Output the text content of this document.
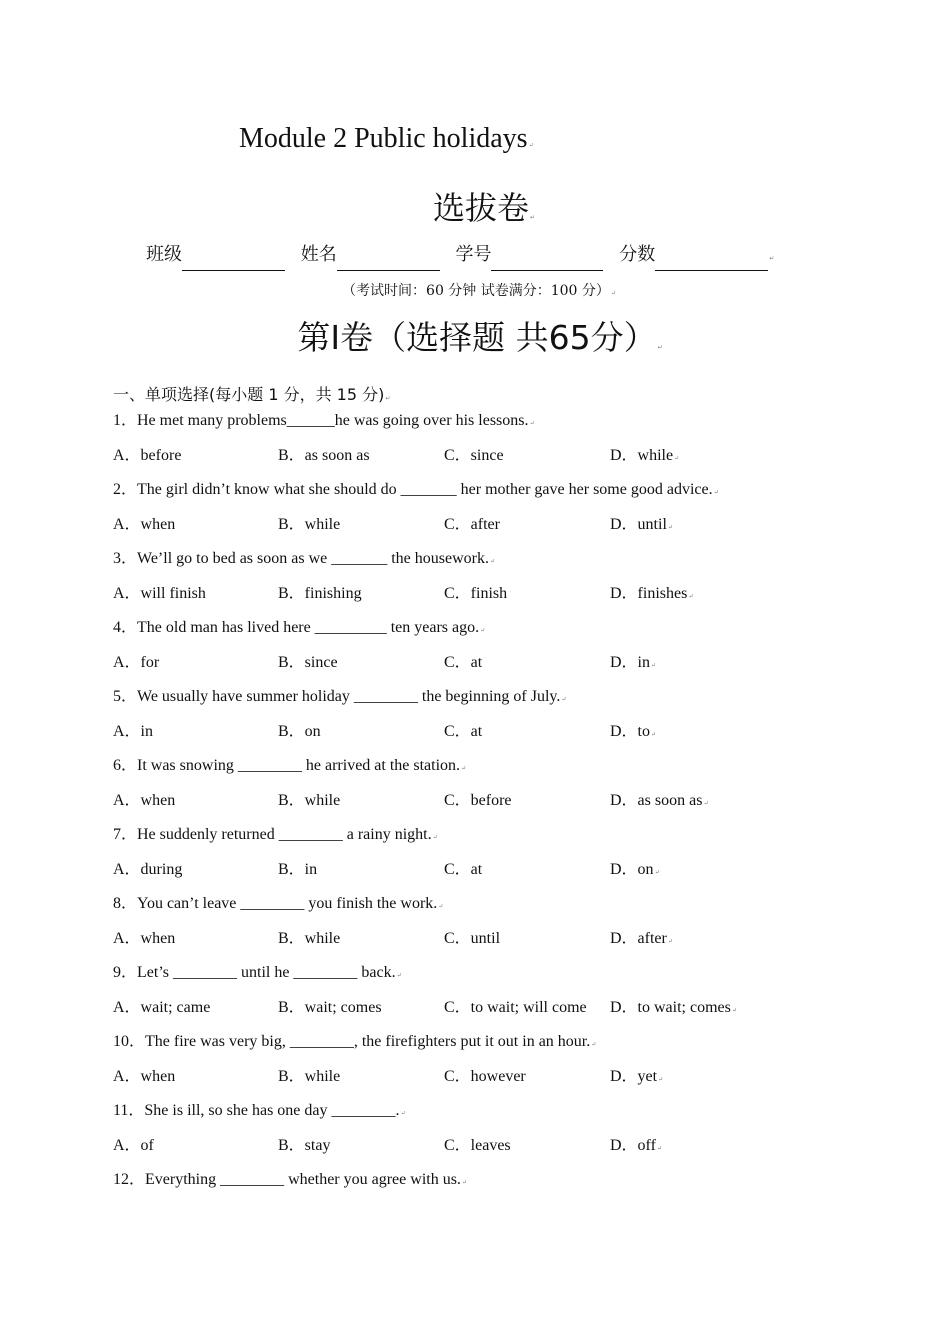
Module 2 Public holidays↵
选拔卷↵
班级	姓名	学号	分数	↵
（考试时间：60 分钟 试卷满分：100 分）↵
第I卷（选择题 共65分）↵
一、单项选择(每小题 1 分，共 15 分)↵
1．He met many problems______he was going over his lessons.↵
A．before	B．as soon as	C．since	D．while↵
2．The girl didn’t know what she should do _______ her mother gave her some good advice.↵
A．when	B．while	C．after	D．until↵
3．We’ll go to bed as soon as we _______ the housework.↵
A．will finish	B．finishing	C．finish	D．finishes↵
4．The old man has lived here _________ ten years ago.↵
A．for	B．since	C．at	D．in↵
5．We usually have summer holiday ________ the beginning of July.↵
A．in	B．on	C．at	D．to↵
6．It was snowing ________ he arrived at the station.↵
A．when	B．while	C．before	D．as soon as↵
7．He suddenly returned ________ a rainy night.↵
A．during	B．in	C．at	D．on↵
8．You can’t leave ________ you finish the work.↵
A．when	B．while	C．until	D．after↵
9．Let’s ________ until he ________ back.↵
A．wait; came	B．wait; comes	C．to wait; will come D．to wait; comes↵
10．The fire was very big, ________, the firefighters put it out in an hour.↵
A．when	B．while	C．however	D．yet↵
11．She is ill, so she has one day ________.↵
A．of	B．stay	C．leaves	D．off↵
12．Everything ________ whether you agree with us.↵
